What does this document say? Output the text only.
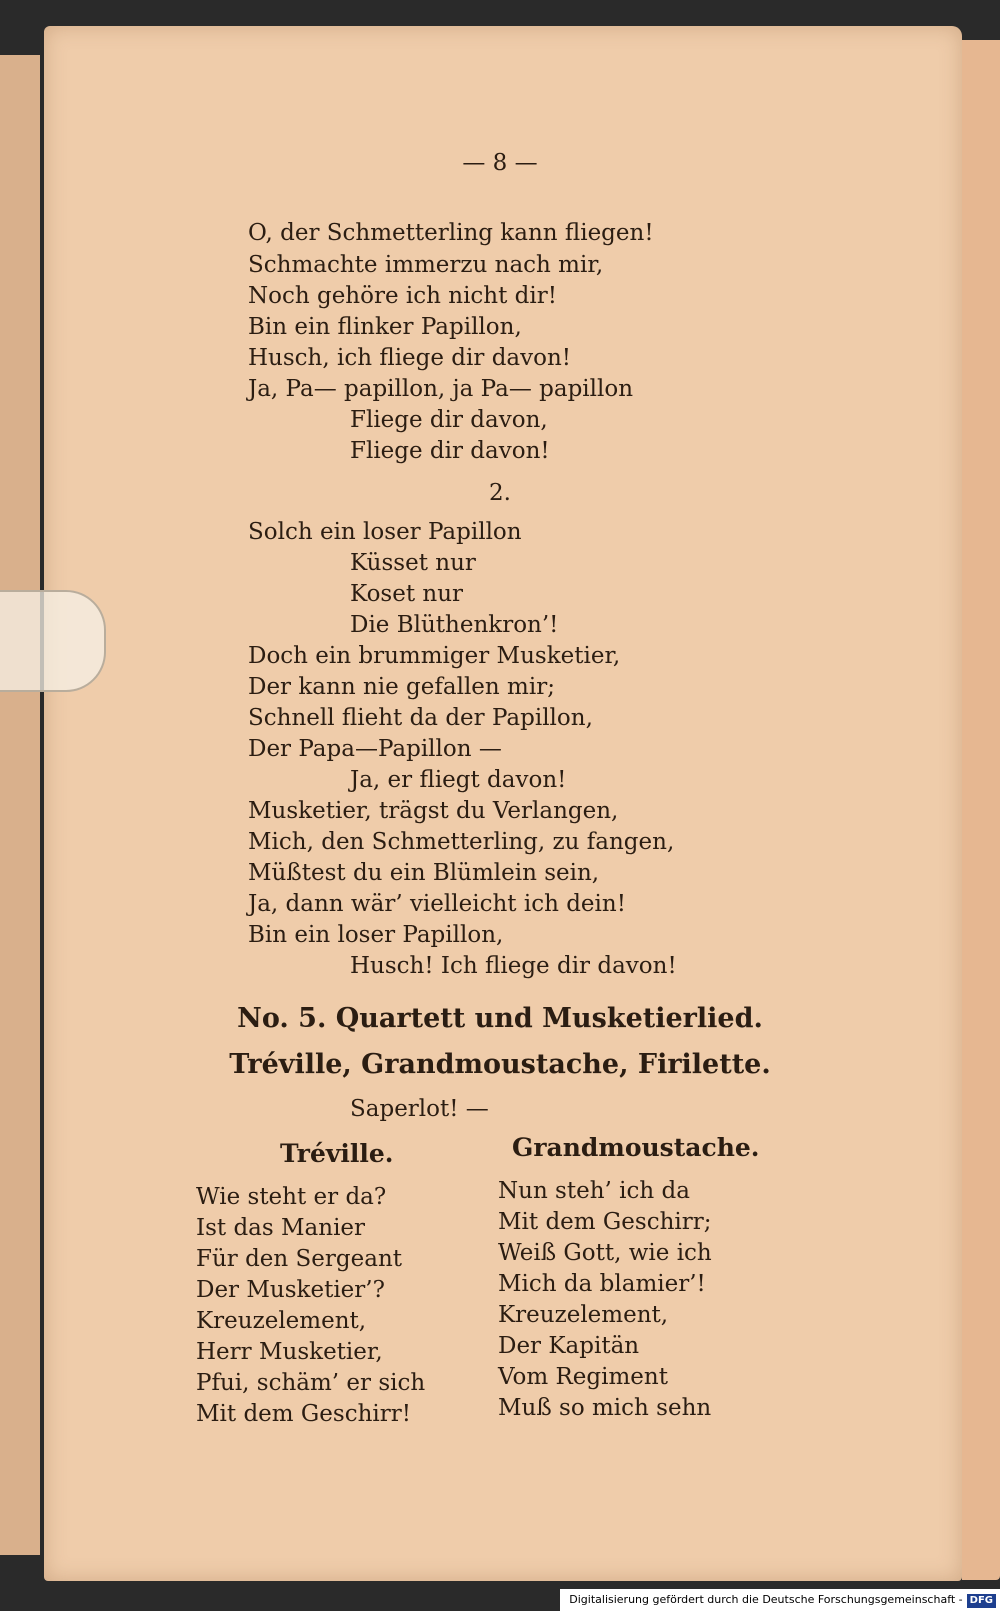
— 8 —
O, der Schmetterling kann fliegen!
Schmachte immerzu nach mir,
Noch gehöre ich nicht dir!
Bin ein flinker Papillon,
Husch, ich fliege dir davon!
Ja, Pa— papillon, ja Pa— papillon
Fliege dir davon,
Fliege dir davon!
2.
Solch ein loser Papillon
Küsset nur
Koset nur
Die Blüthenkron’!
Doch ein brummiger Musketier,
Der kann nie gefallen mir;
Schnell flieht da der Papillon,
Der Papa—Papillon —
Ja, er fliegt davon!
Musketier, trägst du Verlangen,
Mich, den Schmetterling, zu fangen,
Müßtest du ein Blümlein sein,
Ja, dann wär’ vielleicht ich dein!
Bin ein loser Papillon,
Husch! Ich fliege dir davon!
No. 5. Quartett und Musketierlied.
Tréville, Grandmoustache, Firilette.
Saperlot! —
Tréville.	Grandmoustache.
Wie steht er da?
Ist das Manier
Für den Sergeant
Der Musketier’?
Kreuzelement,
Herr Musketier,
Pfui, schäm’ er sich
Mit dem Geschirr!
Nun steh’ ich da
Mit dem Geschirr;
Weiß Gott, wie ich
Mich da blamier’!
Kreuzelement,
Der Kapitän
Vom Regiment
Muß so mich sehn
Digitalisierung gefördert durch die Deutsche Forschungsgemeinschaft - DFG
